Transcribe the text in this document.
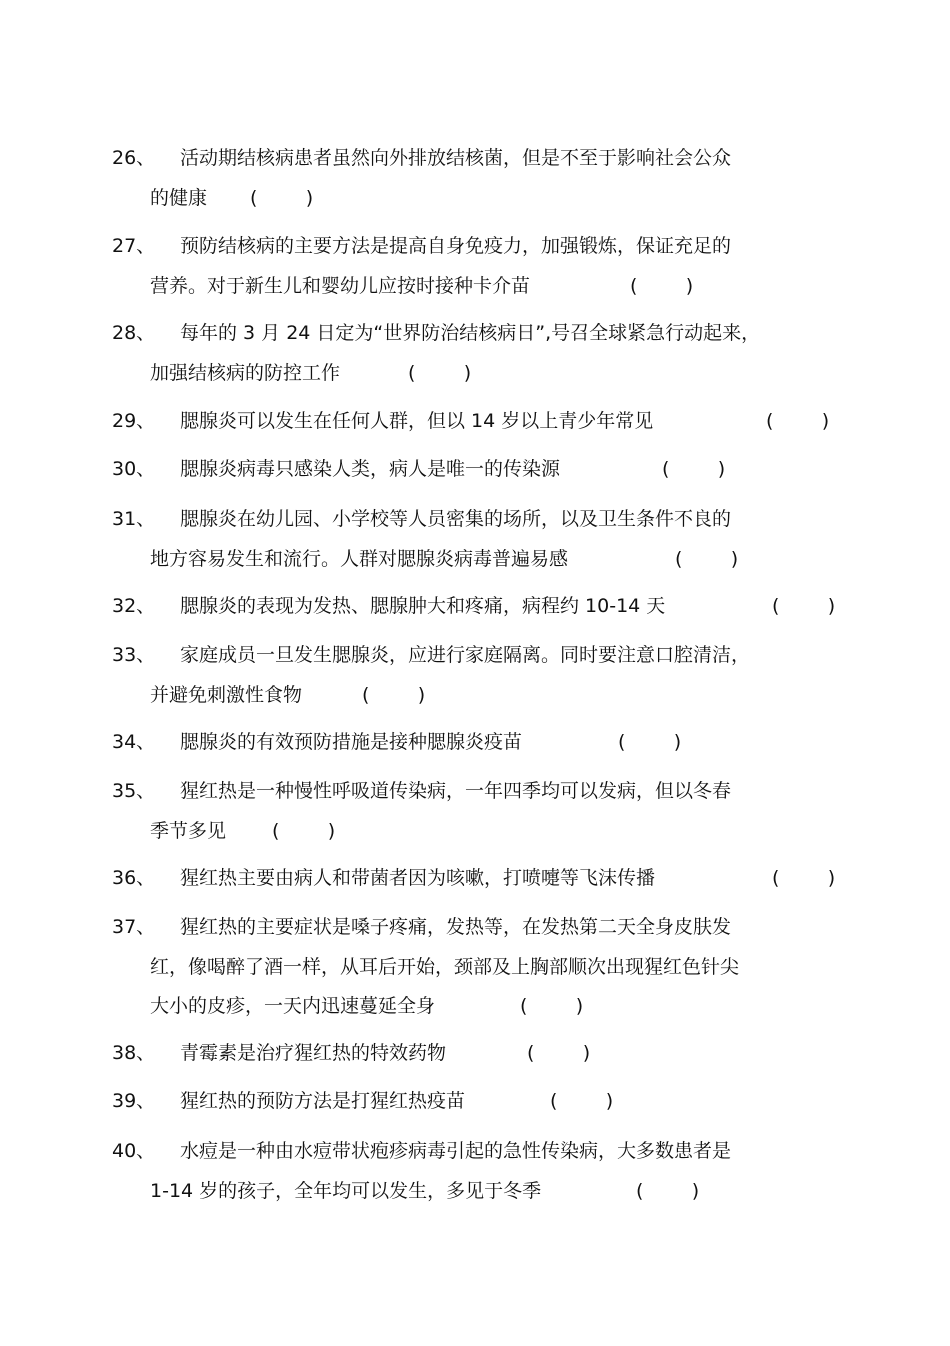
26、 活动期结核病患者虽然向外排放结核菌，但是不至于影响社会公众
的健康 (        )
27、 预防结核病的主要方法是提高自身免疫力，加强锻炼，保证充足的
营养。对于新生儿和婴幼儿应按时接种卡介苗	(        )
28、 每年的 3 月 24 日定为“世界防治结核病日”,号召全球紧急行动起来，
加强结核病的防控工作	(        )
29、 腮腺炎可以发生在任何人群，但以 14 岁以上青少年常见	(        )
30、 腮腺炎病毒只感染人类，病人是唯一的传染源	(        )
31、 腮腺炎在幼儿园、小学校等人员密集的场所，以及卫生条件不良的
地方容易发生和流行。人群对腮腺炎病毒普遍易感	(        )
32、 腮腺炎的表现为发热、腮腺肿大和疼痛，病程约 10-14 天	(        )
33、 家庭成员一旦发生腮腺炎，应进行家庭隔离。同时要注意口腔清洁，
并避免刺激性食物	(        )
34、 腮腺炎的有效预防措施是接种腮腺炎疫苗	(        )
35、 猩红热是一种慢性呼吸道传染病，一年四季均可以发病，但以冬春
季节多见 (        )
36、 猩红热主要由病人和带菌者因为咳嗽，打喷嚏等飞沫传播	(        )
37、 猩红热的主要症状是嗓子疼痛，发热等，在发热第二天全身皮肤发
红，像喝醉了酒一样，从耳后开始，颈部及上胸部顺次出现猩红色针尖
大小的皮疹，一天内迅速蔓延全身	(        )
38、 青霉素是治疗猩红热的特效药物	(        )
39、 猩红热的预防方法是打猩红热疫苗	(        )
40、 水痘是一种由水痘带状疱疹病毒引起的急性传染病，大多数患者是
1-14 岁的孩子，全年均可以发生，多见于冬季	(        )
